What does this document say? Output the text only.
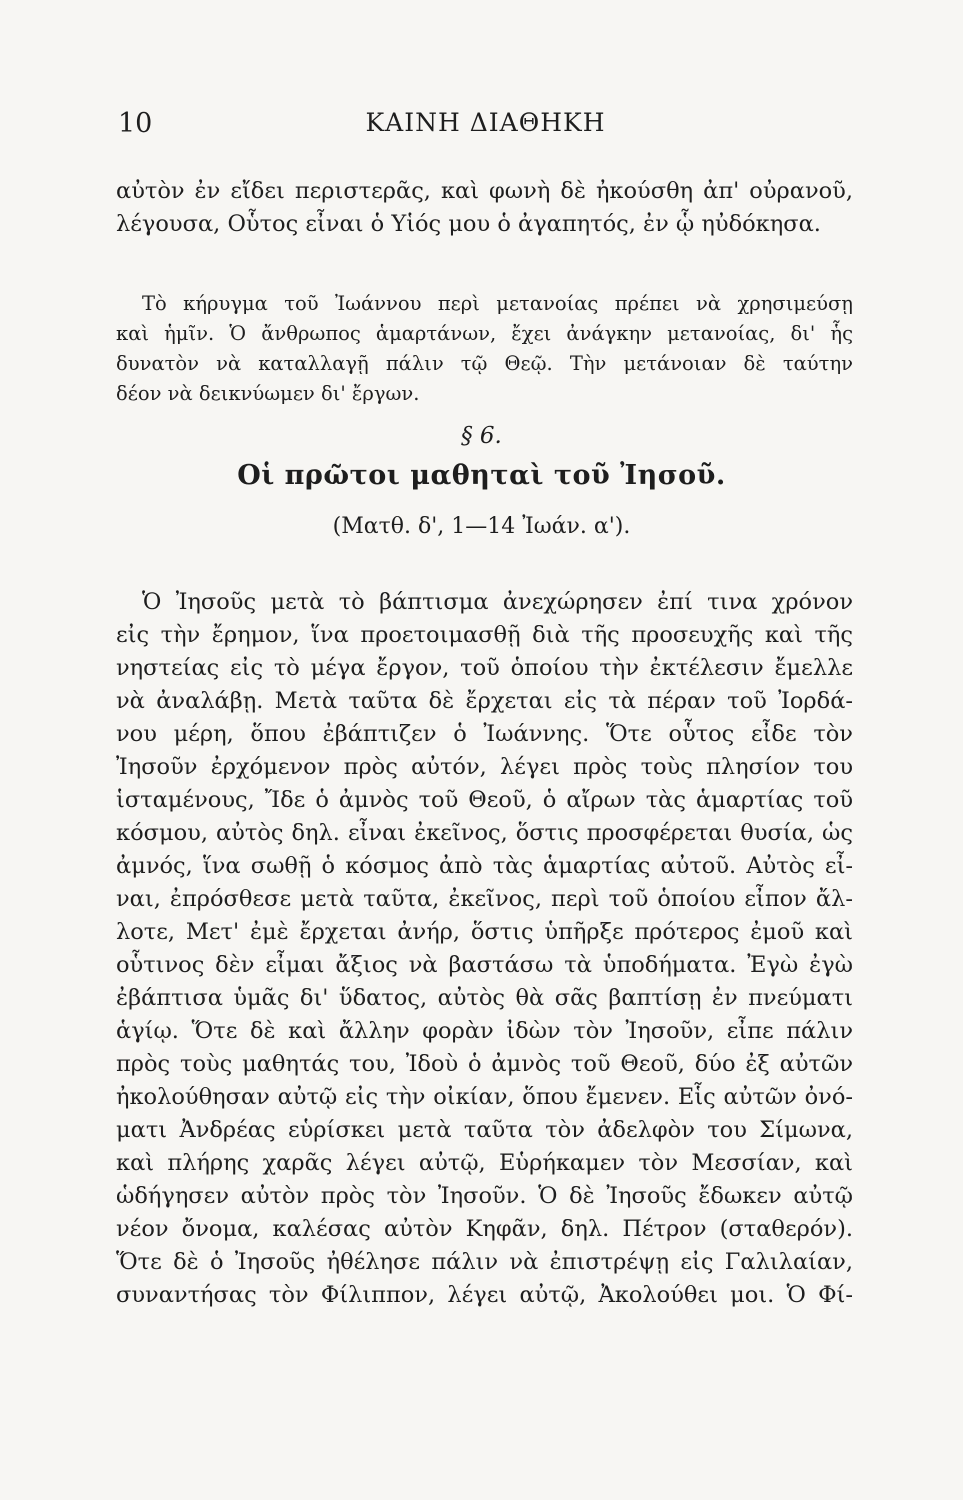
10	ΚΑΙΝΗ ΔΙΑΘΗΚΗ
αὐτὸν ἐν εἴδει περιστερᾶς, καὶ φωνὴ δὲ ἠκούσθη ἀπ' οὐρανοῦ,
λέγουσα, Οὗτος εἶναι ὁ Υἱός μου ὁ ἀγαπητός, ἐν ᾧ ηὐδόκησα.
Τὸ κήρυγμα τοῦ Ἰωάννου περὶ μετανοίας πρέπει νὰ χρησιμεύσῃ
καὶ ἡμῖν. Ὁ ἄνθρωπος ἁμαρτάνων, ἔχει ἀνάγκην μετανοίας, δι' ἧς
δυνατὸν νὰ καταλλαγῇ πάλιν τῷ Θεῷ. Τὴν μετάνοιαν δὲ ταύτην
δέον νὰ δεικνύωμεν δι' ἔργων.
§ 6.
Οἱ πρῶτοι μαθηταὶ τοῦ Ἰησοῦ.
(Ματθ. δ', 1—14 Ἰωάν. α').
Ὁ Ἰησοῦς μετὰ τὸ βάπτισμα ἀνεχώρησεν ἐπί τινα χρόνον
εἰς τὴν ἔρημον, ἵνα προετοιμασθῇ διὰ τῆς προσευχῆς καὶ τῆς
νηστείας εἰς τὸ μέγα ἔργον, τοῦ ὁποίου τὴν ἐκτέλεσιν ἔμελλε
νὰ ἀναλάβῃ. Μετὰ ταῦτα δὲ ἔρχεται εἰς τὰ πέραν τοῦ Ἰορδά-
νου μέρη, ὅπου ἐβάπτιζεν ὁ Ἰωάννης. Ὅτε οὗτος εἶδε τὸν
Ἰησοῦν ἐρχόμενον πρὸς αὐτόν, λέγει πρὸς τοὺς πλησίον του
ἱσταμένους, Ἴδε ὁ ἀμνὸς τοῦ Θεοῦ, ὁ αἴρων τὰς ἁμαρτίας τοῦ
κόσμου, αὐτὸς δηλ. εἶναι ἐκεῖνος, ὅστις προσφέρεται θυσία, ὡς
ἀμνός, ἵνα σωθῇ ὁ κόσμος ἀπὸ τὰς ἁμαρτίας αὐτοῦ. Αὐτὸς εἶ-
ναι, ἐπρόσθεσε μετὰ ταῦτα, ἐκεῖνος, περὶ τοῦ ὁποίου εἶπον ἄλ-
λοτε, Μετ' ἐμὲ ἔρχεται ἀνήρ, ὅστις ὑπῆρξε πρότερος ἐμοῦ καὶ
οὗτινος δὲν εἶμαι ἄξιος νὰ βαστάσω τὰ ὑποδήματα. Ἐγὼ ἐγὼ
ἐβάπτισα ὑμᾶς δι' ὕδατος, αὐτὸς θὰ σᾶς βαπτίσῃ ἐν πνεύματι
ἁγίῳ. Ὅτε δὲ καὶ ἄλλην φορὰν ἰδὼν τὸν Ἰησοῦν, εἶπε πάλιν
πρὸς τοὺς μαθητάς του, Ἰδοὺ ὁ ἀμνὸς τοῦ Θεοῦ, δύο ἐξ αὐτῶν
ἠκολούθησαν αὐτῷ εἰς τὴν οἰκίαν, ὅπου ἔμενεν. Εἷς αὐτῶν ὀνό-
ματι Ἀνδρέας εὑρίσκει μετὰ ταῦτα τὸν ἀδελφὸν του Σίμωνα,
καὶ πλήρης χαρᾶς λέγει αὐτῷ, Εὑρήκαμεν τὸν Μεσσίαν, καὶ
ὡδήγησεν αὐτὸν πρὸς τὸν Ἰησοῦν. Ὁ δὲ Ἰησοῦς ἔδωκεν αὐτῷ
νέον ὄνομα, καλέσας αὐτὸν Κηφᾶν, δηλ. Πέτρον (σταθερόν).
Ὅτε δὲ ὁ Ἰησοῦς ἠθέλησε πάλιν νὰ ἐπιστρέψῃ εἰς Γαλιλαίαν,
συναντήσας τὸν Φίλιππον, λέγει αὐτῷ, Ἀκολούθει μοι. Ὁ Φί-
